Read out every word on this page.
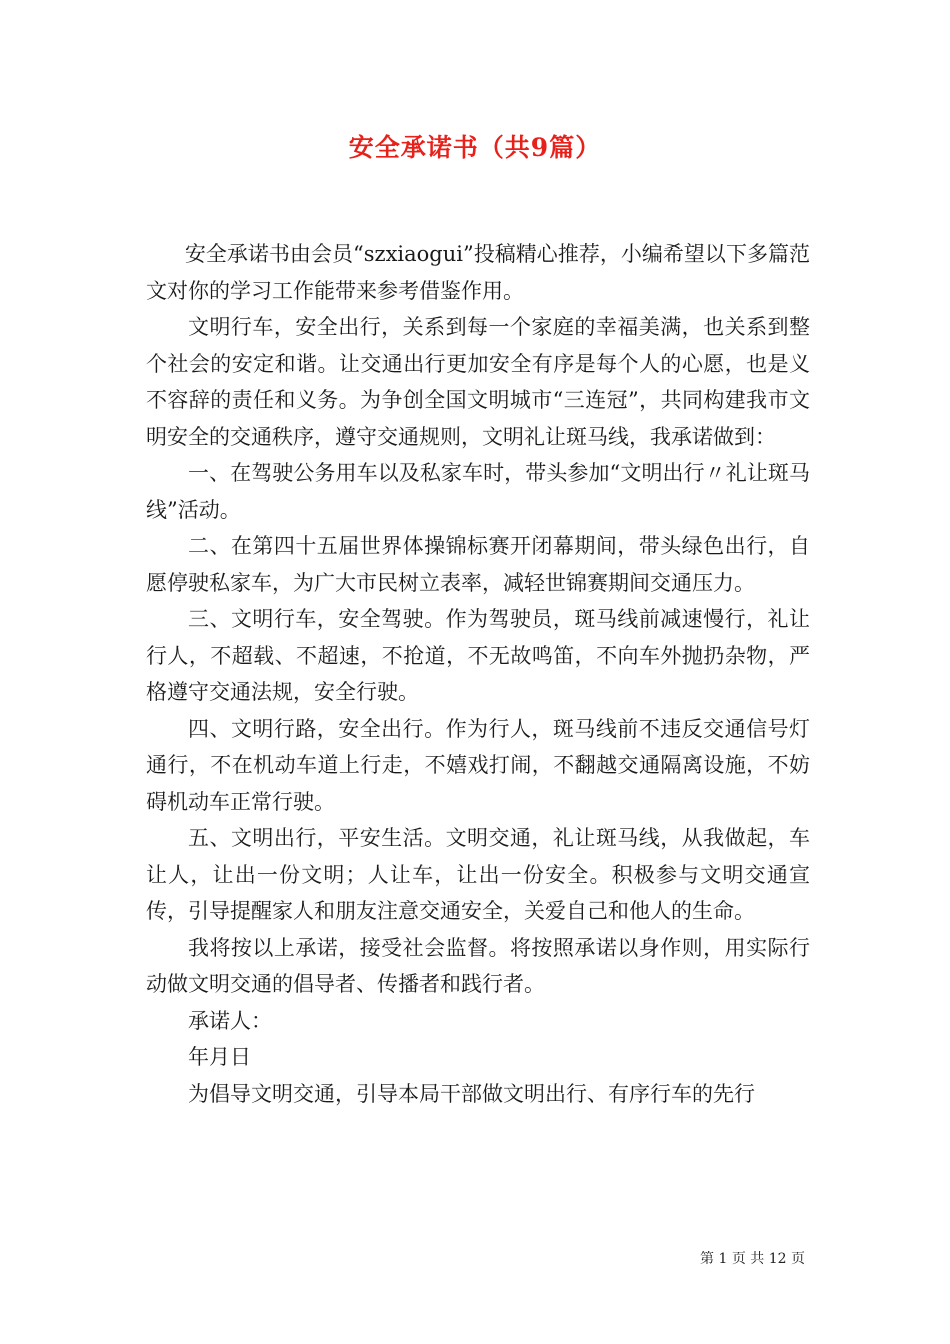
安全承诺书（共9篇）

安全承诺书由会员“szxiaogui”投稿精心推荐，小编希望以下多篇范文对你的学习工作能带来参考借鉴作用。

文明行车，安全出行，关系到每一个家庭的幸福美满，也关系到整个社会的安定和谐。让交通出行更加安全有序是每个人的心愿，也是义不容辞的责任和义务。为争创全国文明城市“三连冠”，共同构建我市文明安全的交通秩序，遵守交通规则，文明礼让斑马线，我承诺做到：

一、在驾驶公务用车以及私家车时，带头参加“文明出行〃礼让斑马线”活动。

二、在第四十五届世界体操锦标赛开闭幕期间，带头绿色出行，自愿停驶私家车，为广大市民树立表率，减轻世锦赛期间交通压力。

三、文明行车，安全驾驶。作为驾驶员，斑马线前减速慢行，礼让行人，不超载、不超速，不抢道，不无故鸣笛，不向车外抛扔杂物，严格遵守交通法规，安全行驶。

四、文明行路，安全出行。作为行人，斑马线前不违反交通信号灯通行，不在机动车道上行走，不嬉戏打闹，不翻越交通隔离设施，不妨碍机动车正常行驶。

五、文明出行，平安生活。文明交通，礼让斑马线，从我做起，车让人，让出一份文明；人让车，让出一份安全。积极参与文明交通宣传，引导提醒家人和朋友注意交通安全，关爱自己和他人的生命。

我将按以上承诺，接受社会监督。将按照承诺以身作则，用实际行动做文明交通的倡导者、传播者和践行者。

承诺人：

年月日

为倡导文明交通，引导本局干部做文明出行、有序行车的先行

第 1 页 共 12 页
